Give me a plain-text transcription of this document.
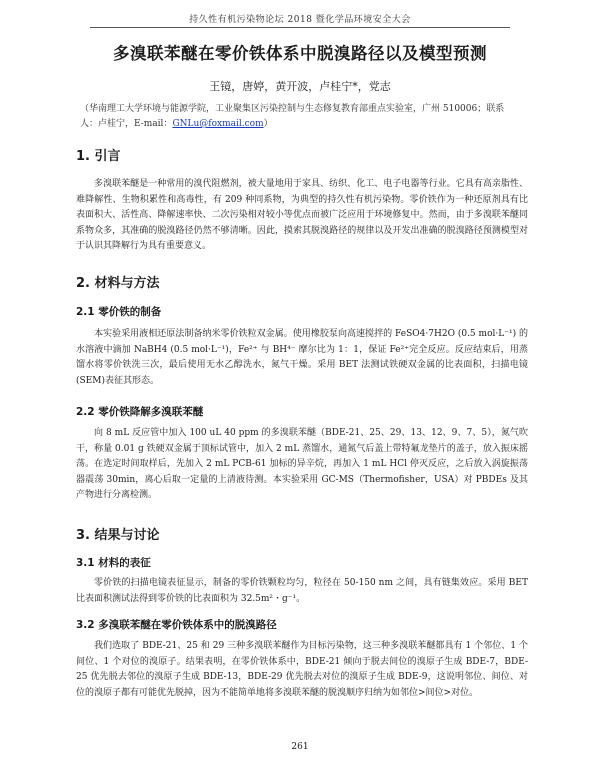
持久性有机污染物论坛 2018 暨化学品环境安全大会
多溴联苯醚在零价铁体系中脱溴路径以及模型预测
王镜，唐婷，黄开波，卢桂宁*，党志
（华南理工大学环境与能源学院，工业聚集区污染控制与生态修复教育部重点实验室，广州 510006；联系人：卢桂宁，E-mail：GNLu@foxmail.com）
1. 引言
多溴联苯醚是一种常用的溴代阻燃剂，被大量地用于家具、纺织、化工、电子电器等行业。它具有高亲脂性、难降解性、生物积累性和高毒性，有 209 种同系物，为典型的持久性有机污染物。零价铁作为一种还原剂具有比表面积大、活性高、降解速率快、二次污染相对较小等优点而被广泛应用于环境修复中。然而，由于多溴联苯醚同系物众多，其准确的脱溴路径仍然不够清晰。因此，摸索其脱溴路径的规律以及开发出准确的脱溴路径预测模型对于认识其降解行为具有重要意义。
2. 材料与方法
2.1 零价铁的制备
本实验采用液相还原法制备纳米零价铁粒双金属。使用橡胶泵向高速搅拌的 FeSO4·7H2O (0.5 mol·L⁻¹) 的水溶液中滴加 NaBH4 (0.5 mol·L⁻¹)，Fe²⁺ 与 BH⁴⁻ 摩尔比为 1：1，保证 Fe²⁺完全反应。反应结束后，用蒸馏水将零价铁洗三次，最后使用无水乙醇洗水，氮气干燥。采用 BET 法测试铁硬双金属的比表面积，扫描电镜(SEM)表征其形态。
2.2 零价铁降解多溴联苯醚
向 8 mL 反应管中加入 100 uL 40 ppm 的多溴联苯醚（BDE-21、25、29、13、12、9、7、5），氮气吹干，称量 0.01 g 铁硬双金属于顶标试管中，加入 2 mL 蒸馏水，通氮气后盖上带特氟龙垫片的盖子，放入振床摇荡。在选定时间取样后，先加入 2 mL PCB-61 加标的异辛烷，再加入 1 mL HCl 停灭反应，之后放入涡旋振荡器震荡 30min，离心后取一定量的上清液待测。本实验采用 GC-MS（Thermofisher，USA）对 PBDEs 及其产物进行分离检测。
3. 结果与讨论
3.1 材料的表征
零价铁的扫描电镜表征显示，制备的零价铁颗粒均匀，粒径在 50-150 nm 之间，具有链集效应。采用 BET 比表面积测试法得到零价铁的比表面积为 32.5m²・g⁻¹。
3.2 多溴联苯醚在零价铁体系中的脱溴路径
我们选取了 BDE-21、25 和 29 三种多溴联苯醚作为目标污染物，这三种多溴联苯醚都具有 1 个邻位、1 个间位、1 个对位的溴原子。结果表明，在零价铁体系中，BDE-21 倾向于脱去间位的溴原子生成 BDE-7，BDE-25 优先脱去邻位的溴原子生成 BDE-13，BDE-29 优先脱去对位的溴原子生成 BDE-9，这说明邻位、间位、对位的溴原子都有可能优先脱掉，因为不能简单地将多溴联苯醚的脱溴顺序归纳为如邻位>间位>对位。
261
